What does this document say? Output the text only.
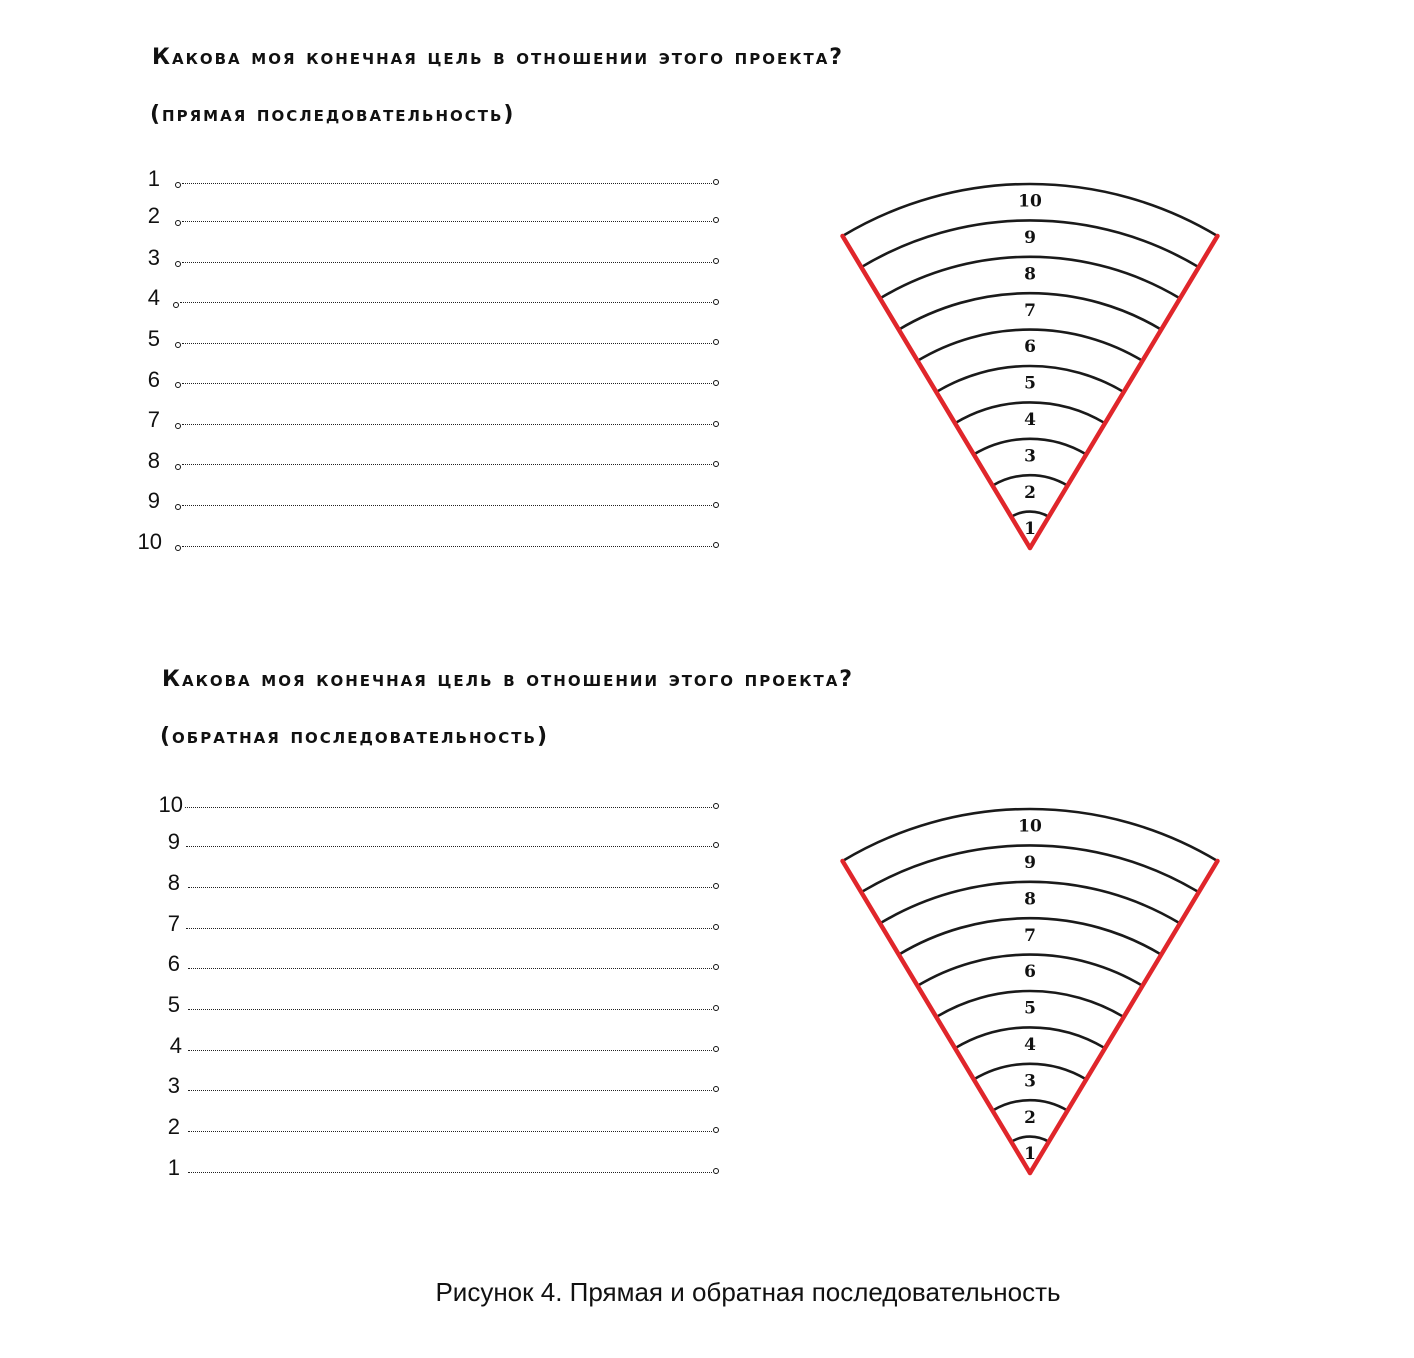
Какова моя конечная цель в отношении этого проекта?
(прямая последовательность)
1
2
3
4
5
6
7
8
9
10	1
2
3
4
5
6
7
8
9
10
Какова моя конечная цель в отношении этого проекта?
(обратная последовательность)
10
9
8
7
6
5
4
3
2
1
1
2
3
4
5
6
7
8
9
10

Рисунок 4. Прямая и обратная последовательность
